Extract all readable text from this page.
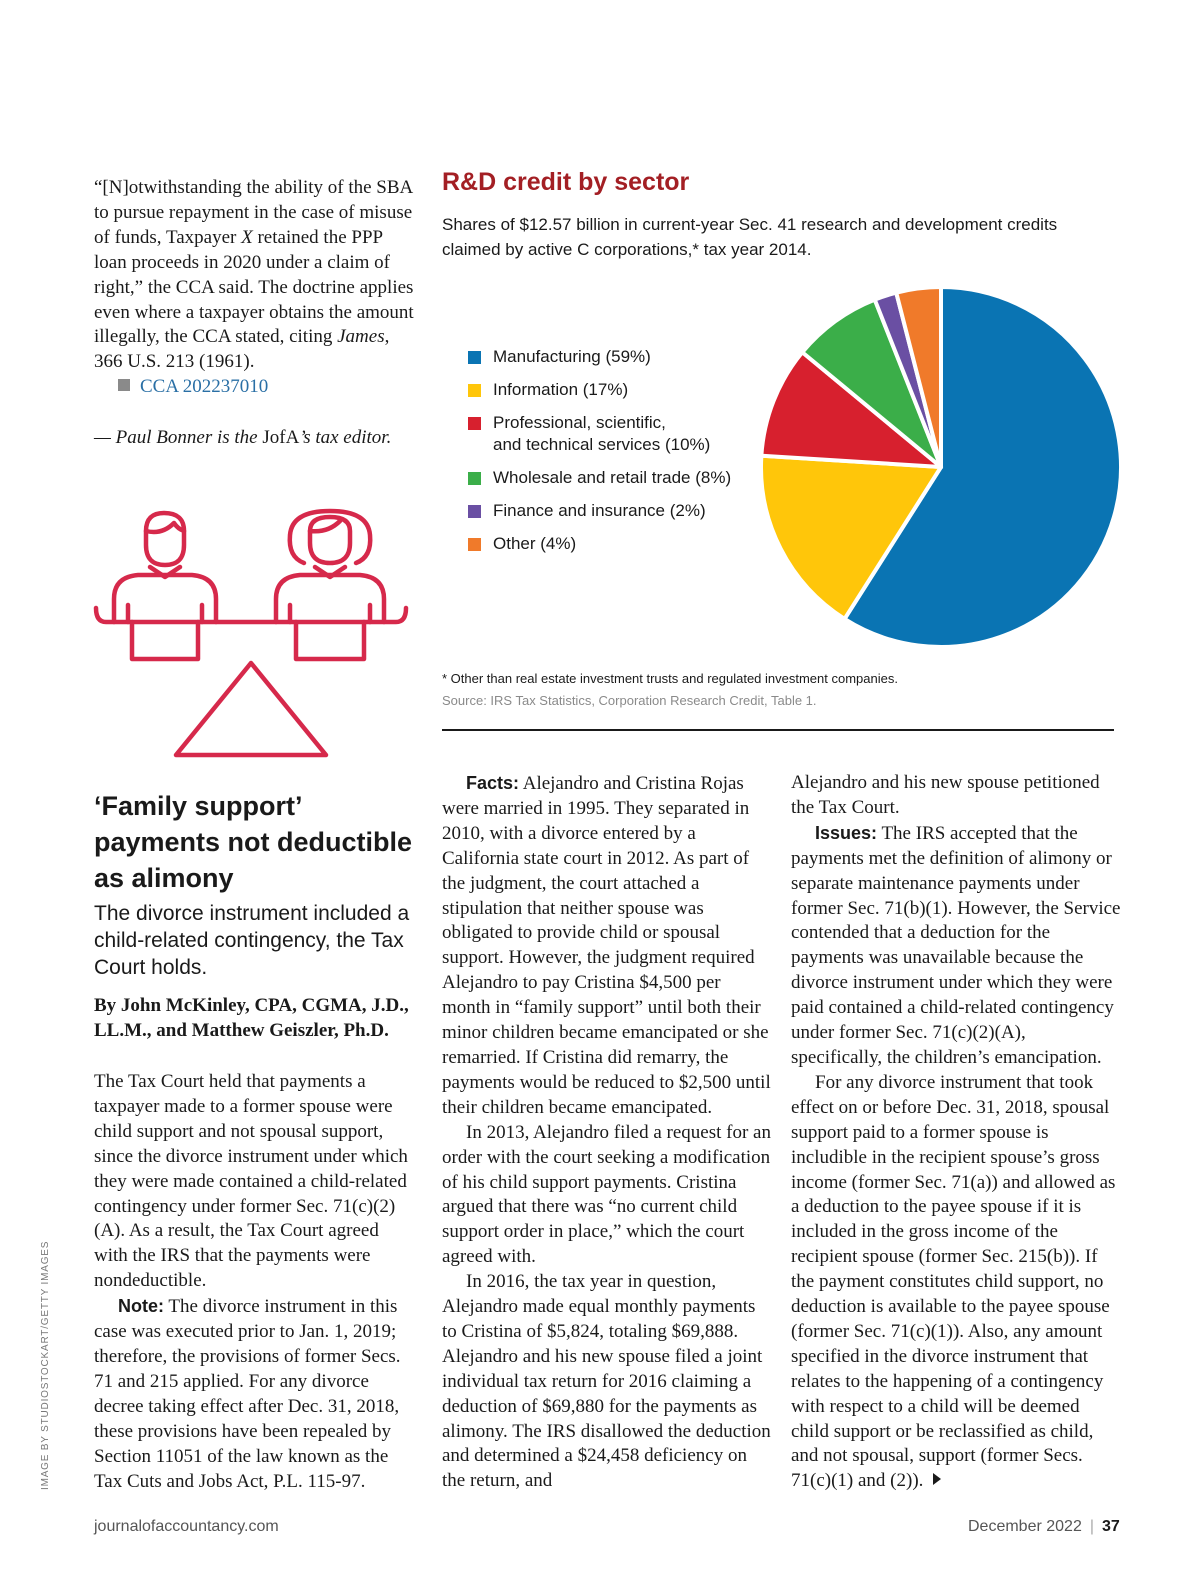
“[N]otwithstanding the ability of the SBA to pursue repayment in the case of misuse of funds, Taxpayer X retained the PPP loan proceeds in 2020 under a claim of right,” the CCA said. The doctrine applies even where a taxpayer obtains the amount illegally, the CCA stated, citing James, 366 U.S. 213 (1961).

CCA 202237010

— Paul Bonner is the JofA’s tax editor.

R&D credit by sector
Shares of $12.57 billion in current-year Sec. 41 research and development credits claimed by active C corporations,* tax year 2014.
Manufacturing (59%)
Information (17%)
Professional, scientific,
and technical services (10%)
Wholesale and retail trade (8%)
Finance and insurance (2%)
Other (4%)
* Other than real estate investment trusts and regulated investment companies.
Source: IRS Tax Statistics, Corporation Research Credit, Table 1.
‘Family support’ payments not deductible as alimony
The divorce instrument included a child-related contingency, the Tax Court holds.
By John McKinley, CPA, CGMA, J.D., LL.M., and Matthew Geiszler, Ph.D.

The Tax Court held that payments a taxpayer made to a former spouse were child support and not spousal support, since the divorce instrument under which they were made contained a child-related contingency under former Sec. 71(c)(2)(A). As a result, the Tax Court agreed with the IRS that the payments were nondeductible.

Note: The divorce instrument in this case was executed prior to Jan. 1, 2019; therefore, the provisions of former Secs. 71 and 215 applied. For any divorce decree taking effect after Dec. 31, 2018, these provisions have been repealed by Section 11051 of the law known as the Tax Cuts and Jobs Act, P.L. 115-97.

Facts: Alejandro and Cristina Rojas were married in 1995. They separated in 2010, with a divorce entered by a California state court in 2012. As part of the judgment, the court attached a stipulation that neither spouse was obligated to provide child or spousal support. However, the judgment required Alejandro to pay Cristina $4,500 per month in “family support” until both their minor children became emancipated or she remarried. If Cristina did remarry, the payments would be reduced to $2,500 until their children became emancipated.

In 2013, Alejandro filed a request for an order with the court seeking a modification of his child support payments. Cristina argued that there was “no current child support order in place,” which the court agreed with.

In 2016, the tax year in question, Alejandro made equal monthly payments to Cristina of $5,824, totaling $69,888. Alejandro and his new spouse filed a joint individual tax return for 2016 claiming a deduction of $69,880 for the payments as alimony. The IRS disallowed the deduction and determined a $24,458 deficiency on the return, and

Alejandro and his new spouse petitioned the Tax Court.

Issues: The IRS accepted that the payments met the definition of alimony or separate maintenance payments under former Sec. 71(b)(1). However, the Service contended that a deduction for the payments was unavailable because the divorce instrument under which they were paid contained a child-related contingency under former Sec. 71(c)(2)(A), specifically, the children’s emancipation.

For any divorce instrument that took effect on or before Dec. 31, 2018, spousal support paid to a former spouse is includible in the recipient spouse’s gross income (former Sec. 71(a)) and allowed as a deduction to the payee spouse if it is included in the gross income of the recipient spouse (former Sec. 215(b)). If the payment constitutes child support, no deduction is available to the payee spouse (former Sec. 71(c)(1)). Also, any amount specified in the divorce instrument that relates to the happening of a contingency with respect to a child will be deemed child support or be reclassified as child, and not spousal, support (former Secs. 71(c)(1) and (2)).

IMAGE BY STUDIOSTOCKART/GETTY IMAGES
journalofaccountancy.com	December 2022 | 37
